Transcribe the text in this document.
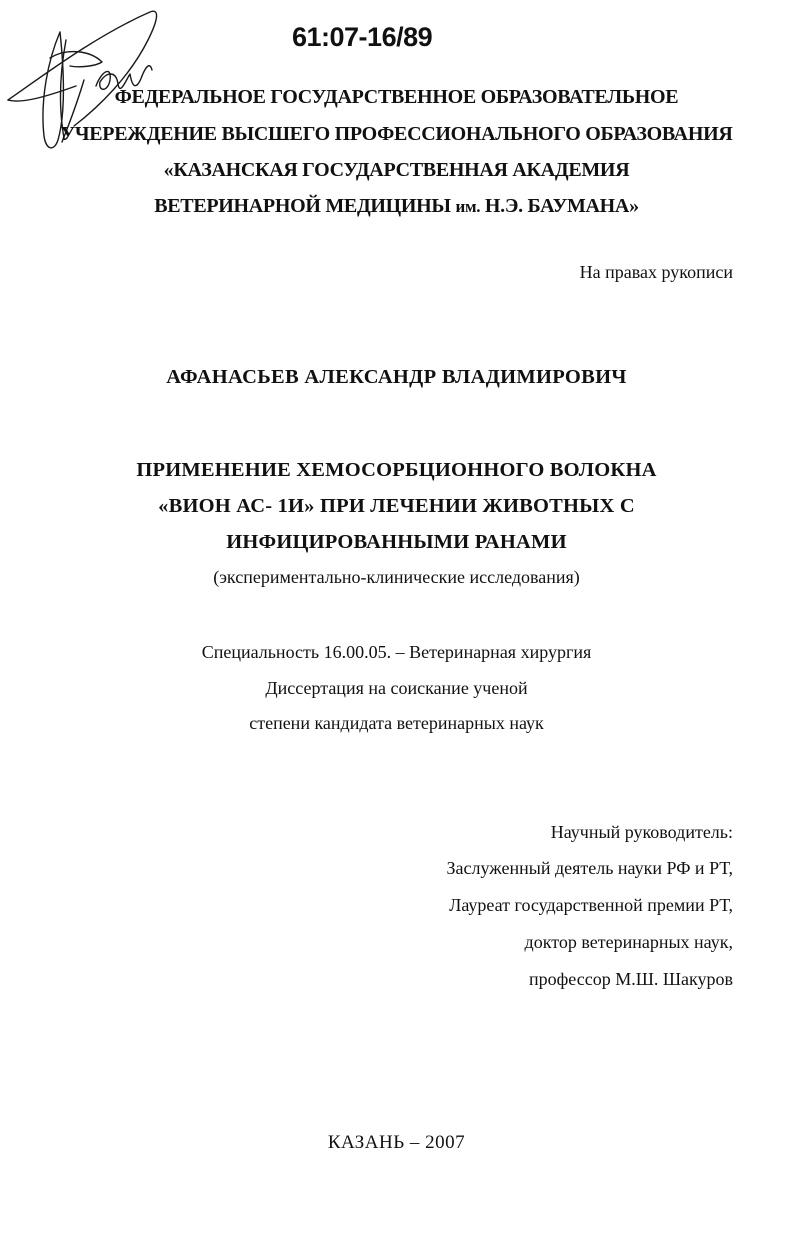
61:07-16/89
ФЕДЕРАЛЬНОЕ ГОСУДАРСТВЕННОЕ ОБРАЗОВАТЕЛЬНОЕ
УЧЕРЕЖДЕНИЕ ВЫСШЕГО ПРОФЕССИОНАЛЬНОГО ОБРАЗОВАНИЯ
«КАЗАНСКАЯ ГОСУДАРСТВЕННАЯ АКАДЕМИЯ
ВЕТЕРИНАРНОЙ МЕДИЦИНЫ им. Н.Э. БАУМАНА»
На правах рукописи
АФАНАСЬЕВ АЛЕКСАНДР ВЛАДИМИРОВИЧ
ПРИМЕНЕНИЕ ХЕМОСОРБЦИОННОГО ВОЛОКНА
«ВИОН АС- 1И» ПРИ ЛЕЧЕНИИ ЖИВОТНЫХ С
ИНФИЦИРОВАННЫМИ РАНАМИ
(экспериментально-клинические исследования)
Специальность 16.00.05. – Ветеринарная хирургия
Диссертация на соискание ученой
степени кандидата ветеринарных наук
Научный руководитель:
Заслуженный деятель науки РФ и РТ,
Лауреат государственной премии РТ,
доктор ветеринарных наук,
профессор М.Ш. Шакуров
КАЗАНЬ – 2007
